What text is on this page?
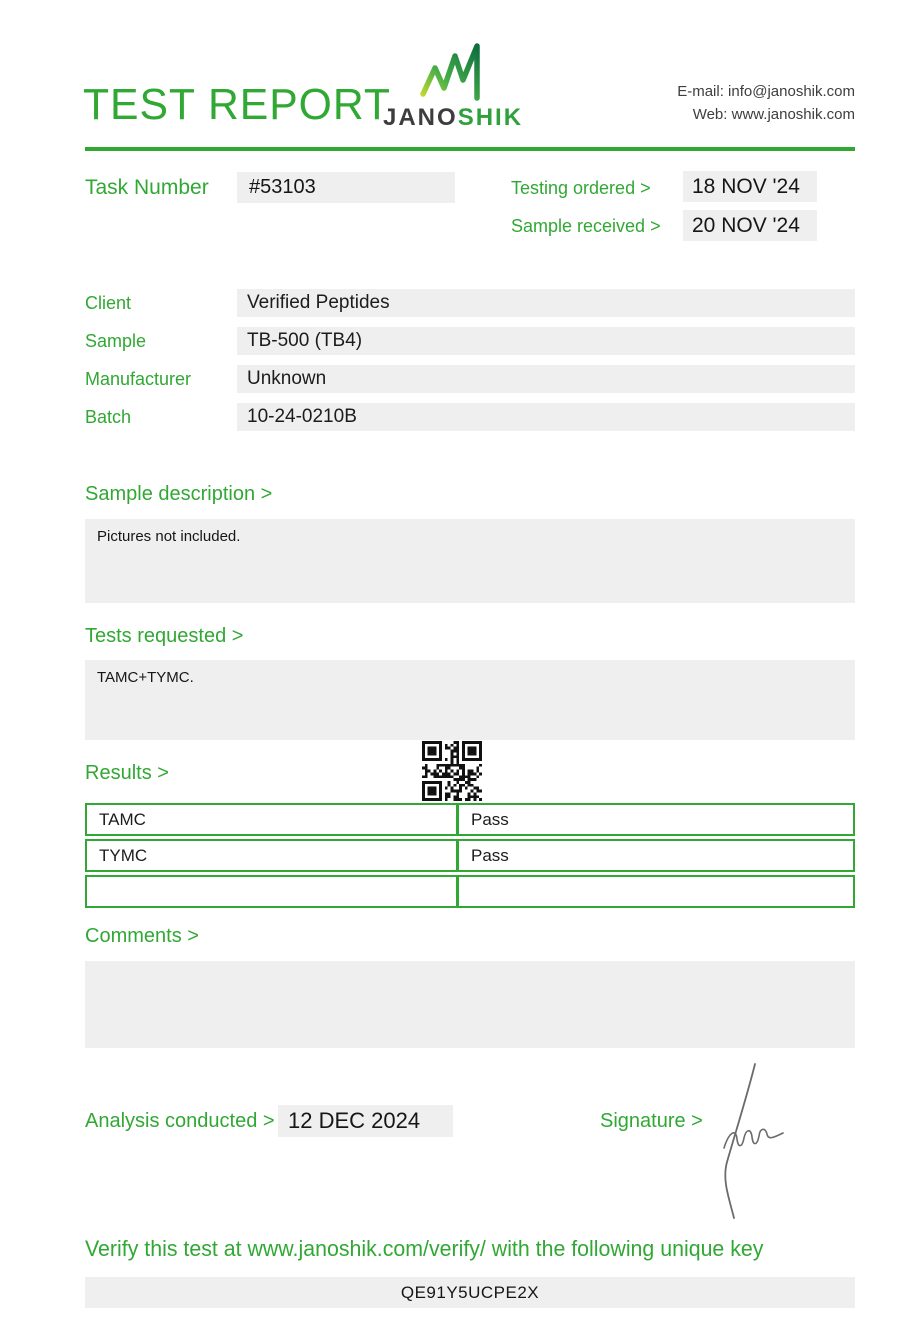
TEST REPORT
JANOSHIK
E-mail: info@janoshik.com
Web: www.janoshik.com
Task Number	#53103	Testing ordered >	18 NOV '24
Sample received >	20 NOV '24
Client	Verified Peptides
Sample	TB-500 (TB4)
Manufacturer	Unknown
Batch	10-24-0210B
Sample description >
Pictures not included.
Tests requested >
TAMC+TYMC.
Results >
TAMC	Pass
TYMC	Pass
Comments >
Analysis conducted > 12 DEC 2024	Signature >
Verify this test at www.janoshik.com/verify/ with the following unique key
QE91Y5UCPE2X
